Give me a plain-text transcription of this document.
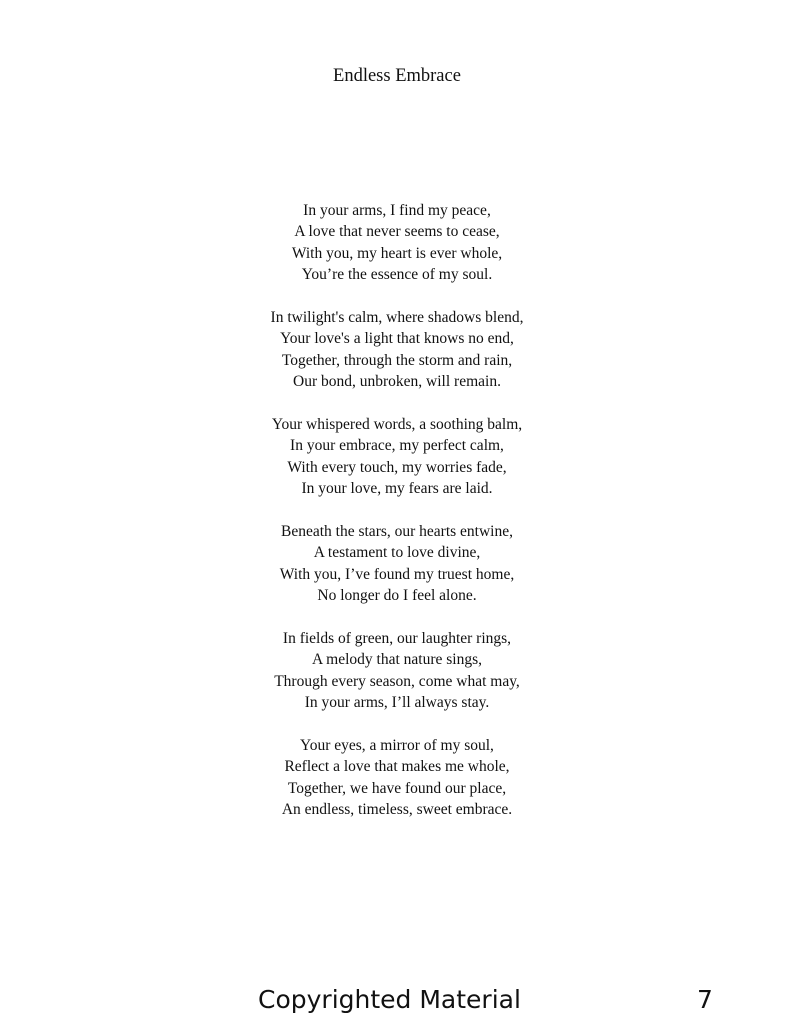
Endless Embrace
In your arms, I find my peace,
A love that never seems to cease,
With you, my heart is ever whole,
You’re the essence of my soul.
In twilight's calm, where shadows blend,
Your love's a light that knows no end,
Together, through the storm and rain,
Our bond, unbroken, will remain.
Your whispered words, a soothing balm,
In your embrace, my perfect calm,
With every touch, my worries fade,
In your love, my fears are laid.
Beneath the stars, our hearts entwine,
A testament to love divine,
With you, I’ve found my truest home,
No longer do I feel alone.
In fields of green, our laughter rings,
A melody that nature sings,
Through every season, come what may,
In your arms, I’ll always stay.
Your eyes, a mirror of my soul,
Reflect a love that makes me whole,
Together, we have found our place,
An endless, timeless, sweet embrace.
Copyrighted Material	7
